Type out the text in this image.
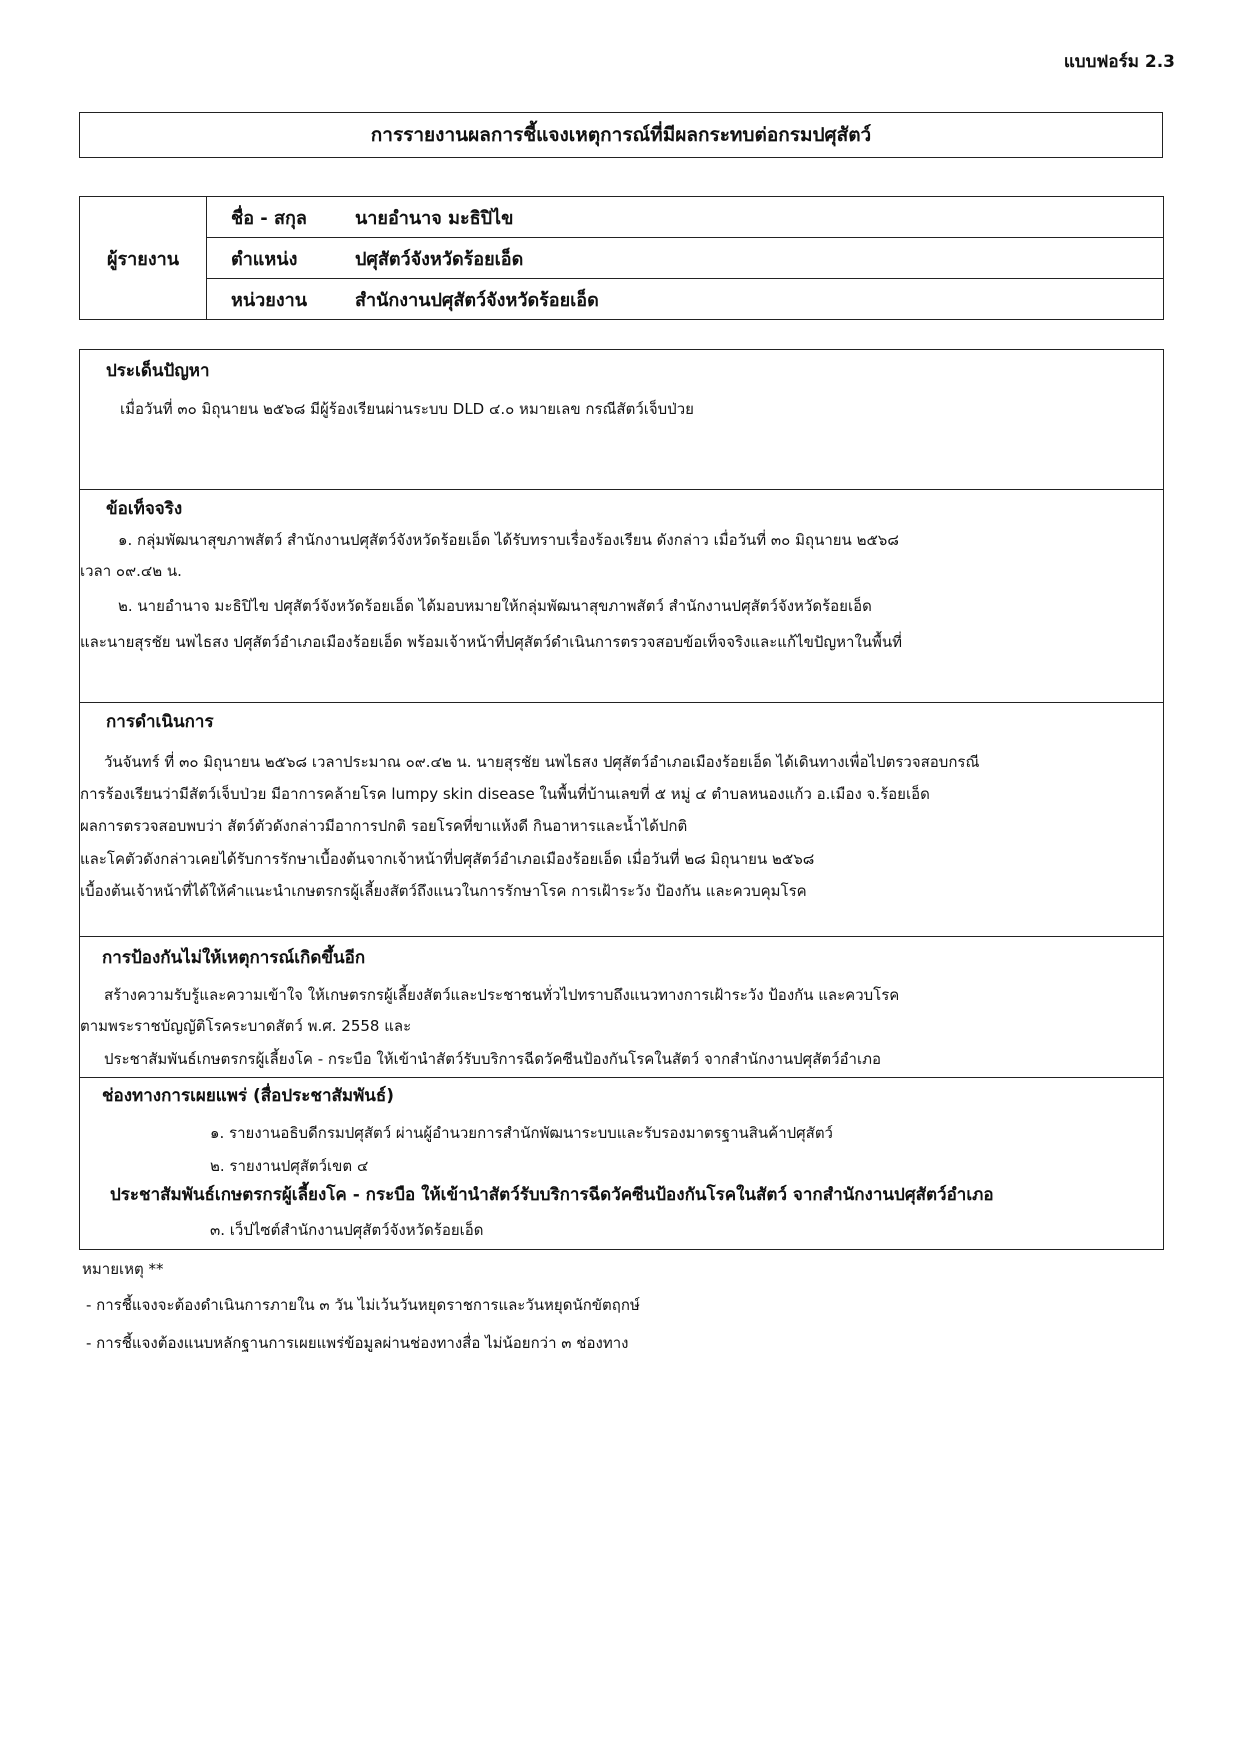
แบบฟอร์ม 2.3
การรายงานผลการชี้แจงเหตุการณ์ที่มีผลกระทบต่อกรมปศุสัตว์
ผู้รายงาน	ชื่อ - สกุล	นายอำนาจ มะธิปิไข
ตำแหน่ง	ปศุสัตว์จังหวัดร้อยเอ็ด
หน่วยงาน	สำนักงานปศุสัตว์จังหวัดร้อยเอ็ด
ประเด็นปัญหา
เมื่อวันที่ ๓๐ มิถุนายน ๒๕๖๘ มีผู้ร้องเรียนผ่านระบบ DLD ๔.๐ หมายเลข กรณีสัตว์เจ็บป่วย
ข้อเท็จจริง
๑. กลุ่มพัฒนาสุขภาพสัตว์ สำนักงานปศุสัตว์จังหวัดร้อยเอ็ด ได้รับทราบเรื่องร้องเรียน ดังกล่าว เมื่อวันที่ ๓๐ มิถุนายน ๒๕๖๘
เวลา ๐๙.๔๒ น.
๒. นายอำนาจ มะธิปิไข ปศุสัตว์จังหวัดร้อยเอ็ด ได้มอบหมายให้กลุ่มพัฒนาสุขภาพสัตว์ สำนักงานปศุสัตว์จังหวัดร้อยเอ็ด
และนายสุรชัย นพไธสง ปศุสัตว์อำเภอเมืองร้อยเอ็ด พร้อมเจ้าหน้าที่ปศุสัตว์ดำเนินการตรวจสอบข้อเท็จจริงและแก้ไขปัญหาในพื้นที่
การดำเนินการ
วันจันทร์ ที่ ๓๐ มิถุนายน ๒๕๖๘ เวลาประมาณ ๐๙.๔๒ น. นายสุรชัย นพไธสง ปศุสัตว์อำเภอเมืองร้อยเอ็ด ได้เดินทางเพื่อไปตรวจสอบกรณี
การร้องเรียนว่ามีสัตว์เจ็บป่วย มีอาการคล้ายโรค lumpy skin disease ในพื้นที่บ้านเลขที่ ๕ หมู่ ๔ ตำบลหนองแก้ว อ.เมือง จ.ร้อยเอ็ด
ผลการตรวจสอบพบว่า สัตว์ตัวดังกล่าวมีอาการปกติ รอยโรคที่ขาแห้งดี กินอาหารและน้ำได้ปกติ
และโคตัวดังกล่าวเคยได้รับการรักษาเบื้องต้นจากเจ้าหน้าที่ปศุสัตว์อำเภอเมืองร้อยเอ็ด เมื่อวันที่ ๒๘ มิถุนายน ๒๕๖๘
เบื้องต้นเจ้าหน้าที่ได้ให้คำแนะนำเกษตรกรผู้เลี้ยงสัตว์ถึงแนวในการรักษาโรค การเฝ้าระวัง ป้องกัน และควบคุมโรค
การป้องกันไม่ให้เหตุการณ์เกิดขึ้นอีก
สร้างความรับรู้และความเข้าใจ ให้เกษตรกรผู้เลี้ยงสัตว์และประชาชนทั่วไปทราบถึงแนวทางการเฝ้าระวัง ป้องกัน และควบโรค
ตามพระราชบัญญัติโรคระบาดสัตว์ พ.ศ. 2558 และ
ประชาสัมพันธ์เกษตรกรผู้เลี้ยงโค - กระบือ ให้เข้านำสัตว์รับบริการฉีดวัคซีนป้องกันโรคในสัตว์ จากสำนักงานปศุสัตว์อำเภอ
ช่องทางการเผยแพร่ (สื่อประชาสัมพันธ์)
๑. รายงานอธิบดีกรมปศุสัตว์ ผ่านผู้อำนวยการสำนักพัฒนาระบบและรับรองมาตรฐานสินค้าปศุสัตว์
๒. รายงานปศุสัตว์เขต ๔
ประชาสัมพันธ์เกษตรกรผู้เลี้ยงโค - กระบือ ให้เข้านำสัตว์รับบริการฉีดวัคซีนป้องกันโรคในสัตว์ จากสำนักงานปศุสัตว์อำเภอ
๓. เว็ปไซต์สำนักงานปศุสัตว์จังหวัดร้อยเอ็ด
หมายเหตุ **
- การชี้แจงจะต้องดำเนินการภายใน ๓ วัน ไม่เว้นวันหยุดราชการและวันหยุดนักขัตฤกษ์
- การชี้แจงต้องแนบหลักฐานการเผยแพร่ข้อมูลผ่านช่องทางสื่อ ไม่น้อยกว่า ๓ ช่องทาง
